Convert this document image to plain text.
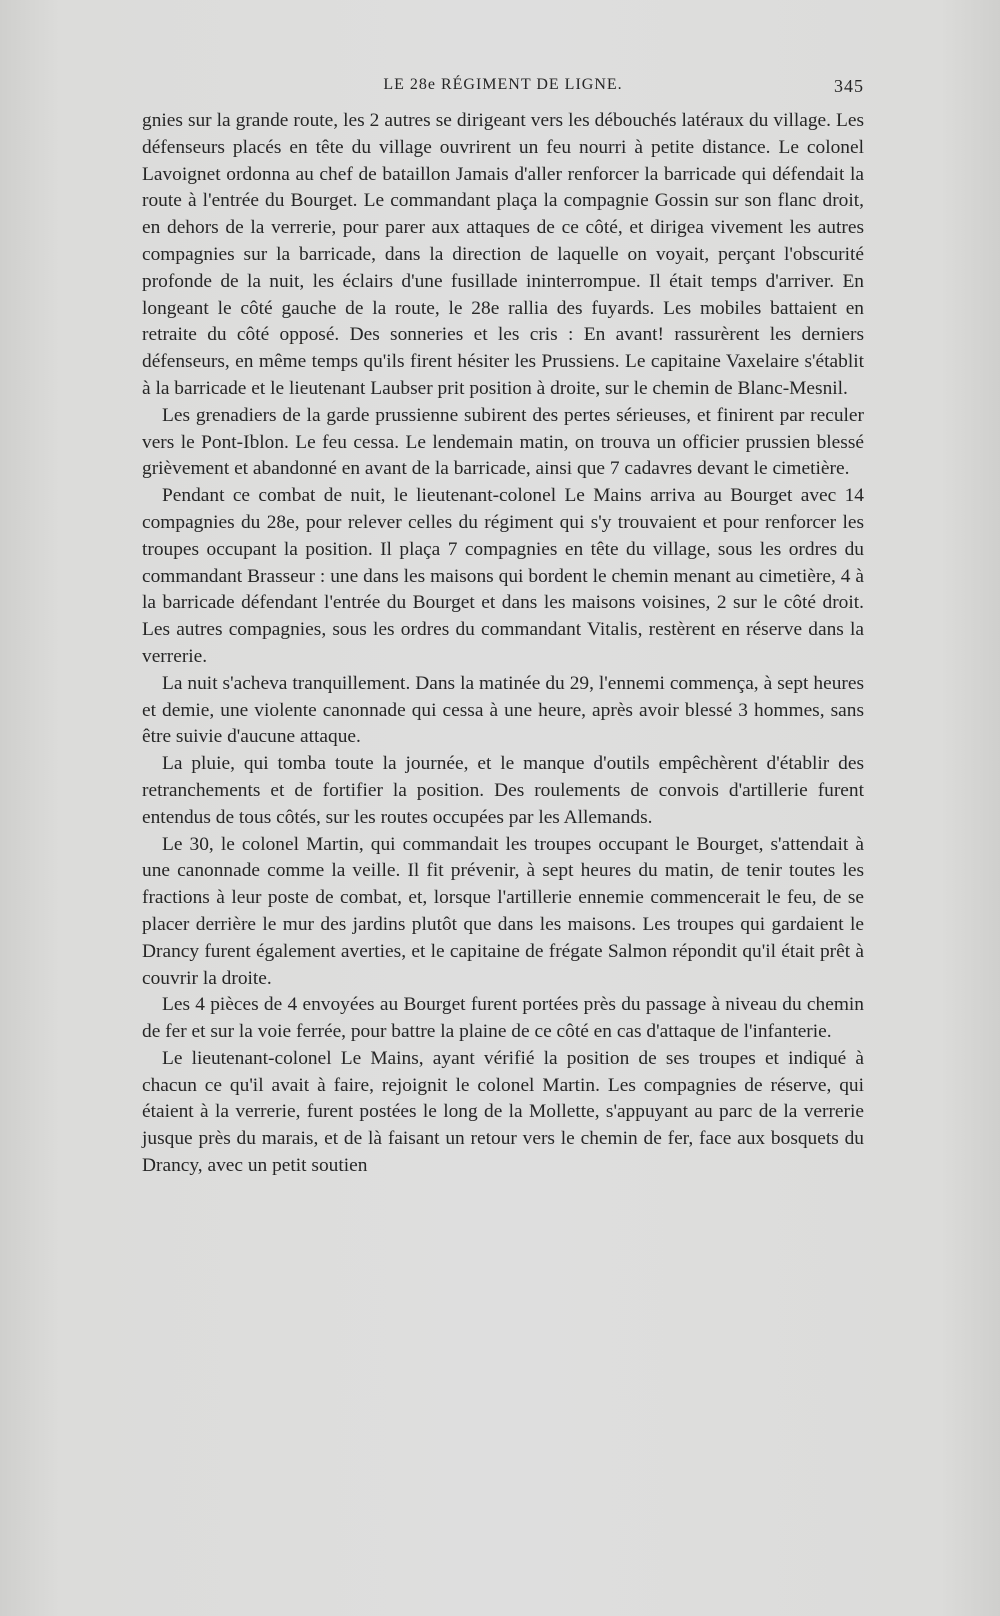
LE 28e RÉGIMENT DE LIGNE.	345

gnies sur la grande route, les 2 autres se dirigeant vers les débouchés latéraux du village. Les défenseurs placés en tête du village ouvrirent un feu nourri à petite distance. Le colonel Lavoignet ordonna au chef de bataillon Jamais d'aller renforcer la barricade qui défendait la route à l'entrée du Bourget. Le commandant plaça la compagnie Gossin sur son flanc droit, en dehors de la verrerie, pour parer aux attaques de ce côté, et dirigea vivement les autres compagnies sur la barricade, dans la direction de laquelle on voyait, perçant l'obscurité profonde de la nuit, les éclairs d'une fusillade ininterrompue. Il était temps d'arriver. En longeant le côté gauche de la route, le 28e rallia des fuyards. Les mobiles battaient en retraite du côté opposé. Des sonneries et les cris : En avant! rassurèrent les derniers défenseurs, en même temps qu'ils firent hésiter les Prussiens. Le capitaine Vaxelaire s'établit à la barricade et le lieutenant Laubser prit position à droite, sur le chemin de Blanc-Mesnil.

Les grenadiers de la garde prussienne subirent des pertes sérieuses, et finirent par reculer vers le Pont-Iblon. Le feu cessa. Le lendemain matin, on trouva un officier prussien blessé grièvement et abandonné en avant de la barricade, ainsi que 7 cadavres devant le cimetière.

Pendant ce combat de nuit, le lieutenant-colonel Le Mains arriva au Bourget avec 14 compagnies du 28e, pour relever celles du régiment qui s'y trouvaient et pour renforcer les troupes occupant la position. Il plaça 7 compagnies en tête du village, sous les ordres du commandant Brasseur : une dans les maisons qui bordent le chemin menant au cimetière, 4 à la barricade défendant l'entrée du Bourget et dans les maisons voisines, 2 sur le côté droit. Les autres compagnies, sous les ordres du commandant Vitalis, restèrent en réserve dans la verrerie.

La nuit s'acheva tranquillement. Dans la matinée du 29, l'ennemi commença, à sept heures et demie, une violente canonnade qui cessa à une heure, après avoir blessé 3 hommes, sans être suivie d'aucune attaque.

La pluie, qui tomba toute la journée, et le manque d'outils empêchèrent d'établir des retranchements et de fortifier la position. Des roulements de convois d'artillerie furent entendus de tous côtés, sur les routes occupées par les Allemands.

Le 30, le colonel Martin, qui commandait les troupes occupant le Bourget, s'attendait à une canonnade comme la veille. Il fit prévenir, à sept heures du matin, de tenir toutes les fractions à leur poste de combat, et, lorsque l'artillerie ennemie commencerait le feu, de se placer derrière le mur des jardins plutôt que dans les maisons. Les troupes qui gardaient le Drancy furent également averties, et le capitaine de frégate Salmon répondit qu'il était prêt à couvrir la droite.

Les 4 pièces de 4 envoyées au Bourget furent portées près du passage à niveau du chemin de fer et sur la voie ferrée, pour battre la plaine de ce côté en cas d'attaque de l'infanterie.

Le lieutenant-colonel Le Mains, ayant vérifié la position de ses troupes et indiqué à chacun ce qu'il avait à faire, rejoignit le colonel Martin. Les compagnies de réserve, qui étaient à la verrerie, furent postées le long de la Mollette, s'appuyant au parc de la verrerie jusque près du marais, et de là faisant un retour vers le chemin de fer, face aux bosquets du Drancy, avec un petit soutien
